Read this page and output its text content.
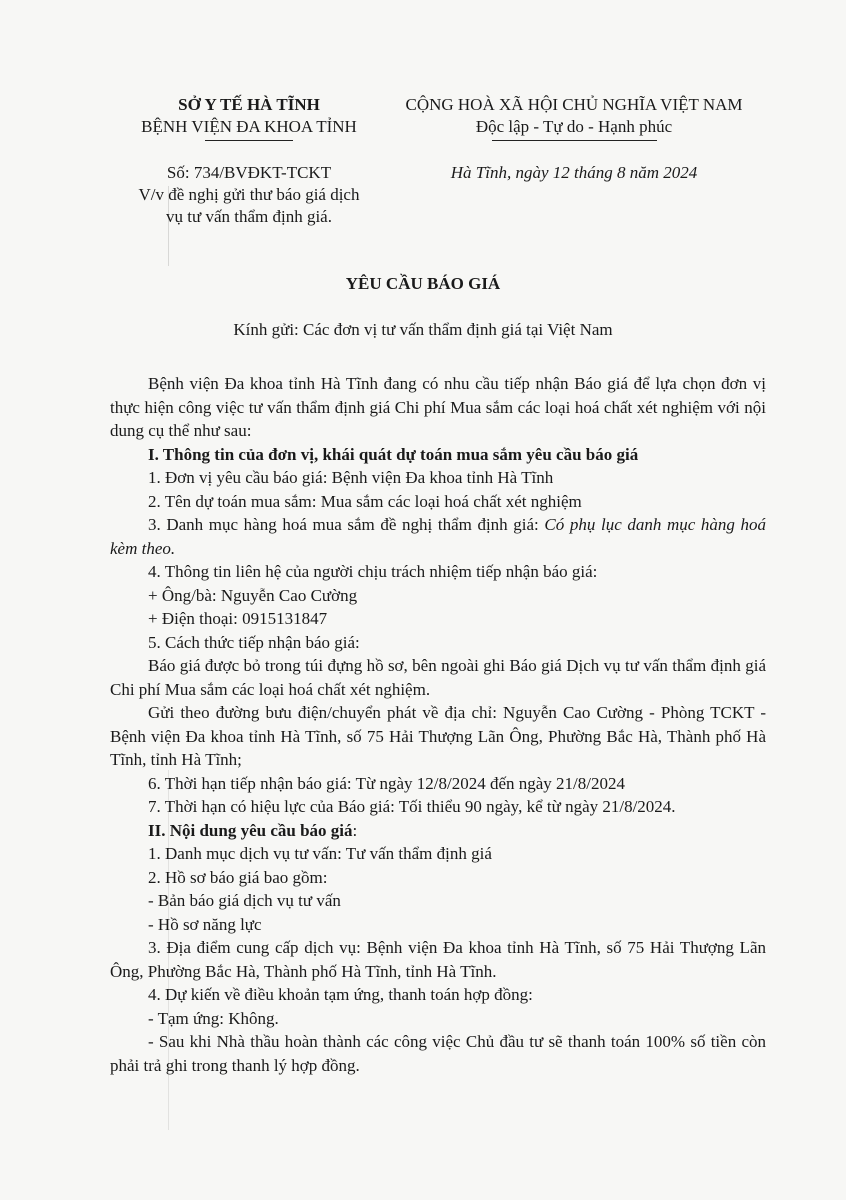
SỞ Y TẾ HÀ TĨNH
BỆNH VIỆN ĐA KHOA TỈNH
CỘNG HOÀ XÃ HỘI CHỦ NGHĨA VIỆT NAM
Độc lập - Tự do - Hạnh phúc
Số: 734/BVĐKT-TCKT
V/v đề nghị gửi thư báo giá dịch
vụ tư vấn thẩm định giá.
Hà Tĩnh, ngày 12 tháng 8 năm 2024
YÊU CẦU BÁO GIÁ
Kính gửi: Các đơn vị tư vấn thẩm định giá tại Việt Nam

Bệnh viện Đa khoa tỉnh Hà Tĩnh đang có nhu cầu tiếp nhận Báo giá để lựa chọn đơn vị thực hiện công việc tư vấn thẩm định giá Chi phí Mua sắm các loại hoá chất xét nghiệm với nội dung cụ thể như sau:

I. Thông tin của đơn vị, khái quát dự toán mua sắm yêu cầu báo giá

1. Đơn vị yêu cầu báo giá: Bệnh viện Đa khoa tỉnh Hà Tĩnh

2. Tên dự toán mua sắm: Mua sắm các loại hoá chất xét nghiệm

3. Danh mục hàng hoá mua sắm đề nghị thẩm định giá: Có phụ lục danh mục hàng hoá kèm theo.

4. Thông tin liên hệ của người chịu trách nhiệm tiếp nhận báo giá:

+ Ông/bà: Nguyễn Cao Cường

+ Điện thoại: 0915131847

5. Cách thức tiếp nhận báo giá:

Báo giá được bỏ trong túi đựng hồ sơ, bên ngoài ghi Báo giá Dịch vụ tư vấn thẩm định giá Chi phí Mua sắm các loại hoá chất xét nghiệm.

Gửi theo đường bưu điện/chuyển phát về địa chỉ: Nguyễn Cao Cường - Phòng TCKT - Bệnh viện Đa khoa tỉnh Hà Tĩnh, số 75 Hải Thượng Lãn Ông, Phường Bắc Hà, Thành phố Hà Tĩnh, tỉnh Hà Tĩnh;

6. Thời hạn tiếp nhận báo giá: Từ ngày 12/8/2024 đến ngày 21/8/2024

7. Thời hạn có hiệu lực của Báo giá: Tối thiểu 90 ngày, kể từ ngày 21/8/2024.

II. Nội dung yêu cầu báo giá:

1. Danh mục dịch vụ tư vấn: Tư vấn thẩm định giá

2. Hồ sơ báo giá bao gồm:

- Bản báo giá dịch vụ tư vấn

- Hồ sơ năng lực

3. Địa điểm cung cấp dịch vụ: Bệnh viện Đa khoa tỉnh Hà Tĩnh, số 75 Hải Thượng Lãn Ông, Phường Bắc Hà, Thành phố Hà Tĩnh, tỉnh Hà Tĩnh.

4. Dự kiến về điều khoản tạm ứng, thanh toán hợp đồng:

- Tạm ứng: Không.

- Sau khi Nhà thầu hoàn thành các công việc Chủ đầu tư sẽ thanh toán 100% số tiền còn phải trả ghi trong thanh lý hợp đồng.
